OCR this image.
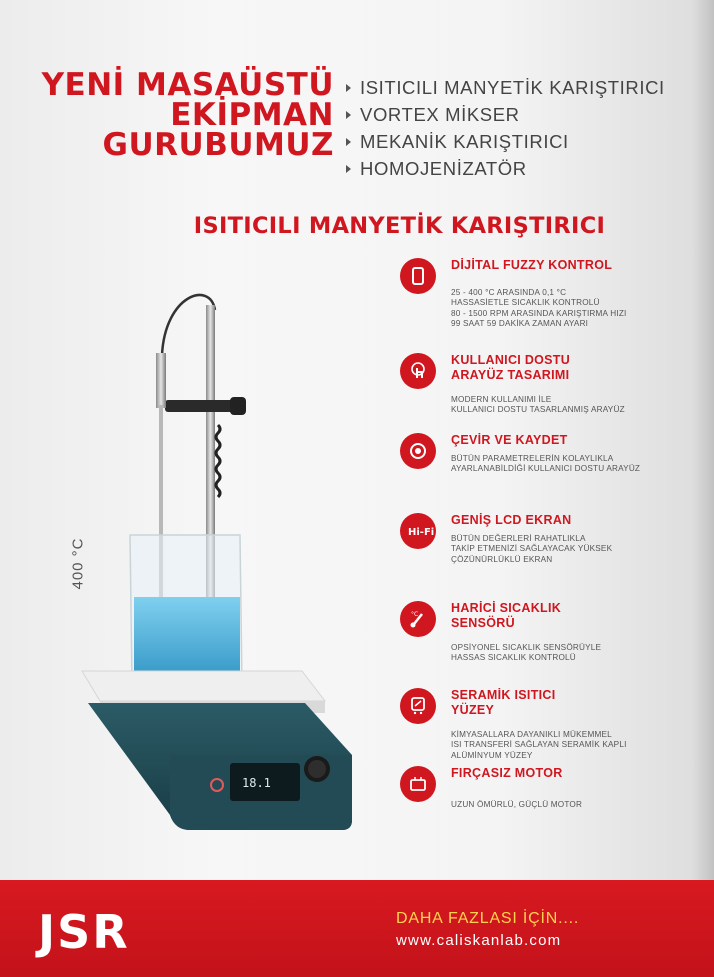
YENİ MASAÜSTÜ
EKİPMAN
GURUBUMUZ
ISITICILI MANYETİK KARIŞTIRICI
VORTEX MİKSER
MEKANİK KARIŞTIRICI
HOMOJENİZATÖR
ISITICILI MANYETİK KARIŞTIRICI
400 °C
18.1
DİJİTAL FUZZY KONTROL
25 - 400 °C ARASINDA 0,1 °C
HASSASİETLE SICAKLIK KONTROLÜ
80 - 1500 RPM ARASINDA KARIŞTIRMA HIZI
99 SAAT 59 DAKİKA ZAMAN AYARI
KULLANICI DOSTU ARAYÜZ TASARIMI
MODERN KULLANIMI İLE
KULLANICI DOSTU TASARLANMIŞ ARAYÜZ
ÇEVİR VE KAYDET
BÜTÜN PARAMETRELERİN KOLAYLIKLA
AYARLANABİLDİĞİ KULLANICI DOSTU ARAYÜZ
Hi-Fi
GENİŞ LCD EKRAN
BÜTÜN DEĞERLERİ RAHATLIKLA
TAKİP ETMENİZİ SAĞLAYACAK YÜKSEK
ÇÖZÜNÜRLÜKLÜ EKRAN
°C	HARİCİ SICAKLIK SENSÖRÜ
OPSİYONEL SICAKLIK SENSÖRÜYLE
HASSAS SICAKLIK KONTROLÜ
SERAMİK ISITICI YÜZEY
KİMYASALLARA DAYANIKLI MÜKEMMEL
ISI TRANSFERİ SAĞLAYAN SERAMİK KAPLI
ALÜMİNYUM YÜZEY
FIRÇASIZ MOTOR
UZUN ÖMÜRLÜ, GÜÇLÜ MOTOR
JSR	DAHA FAZLASI İÇİN....
www.caliskanlab.com
